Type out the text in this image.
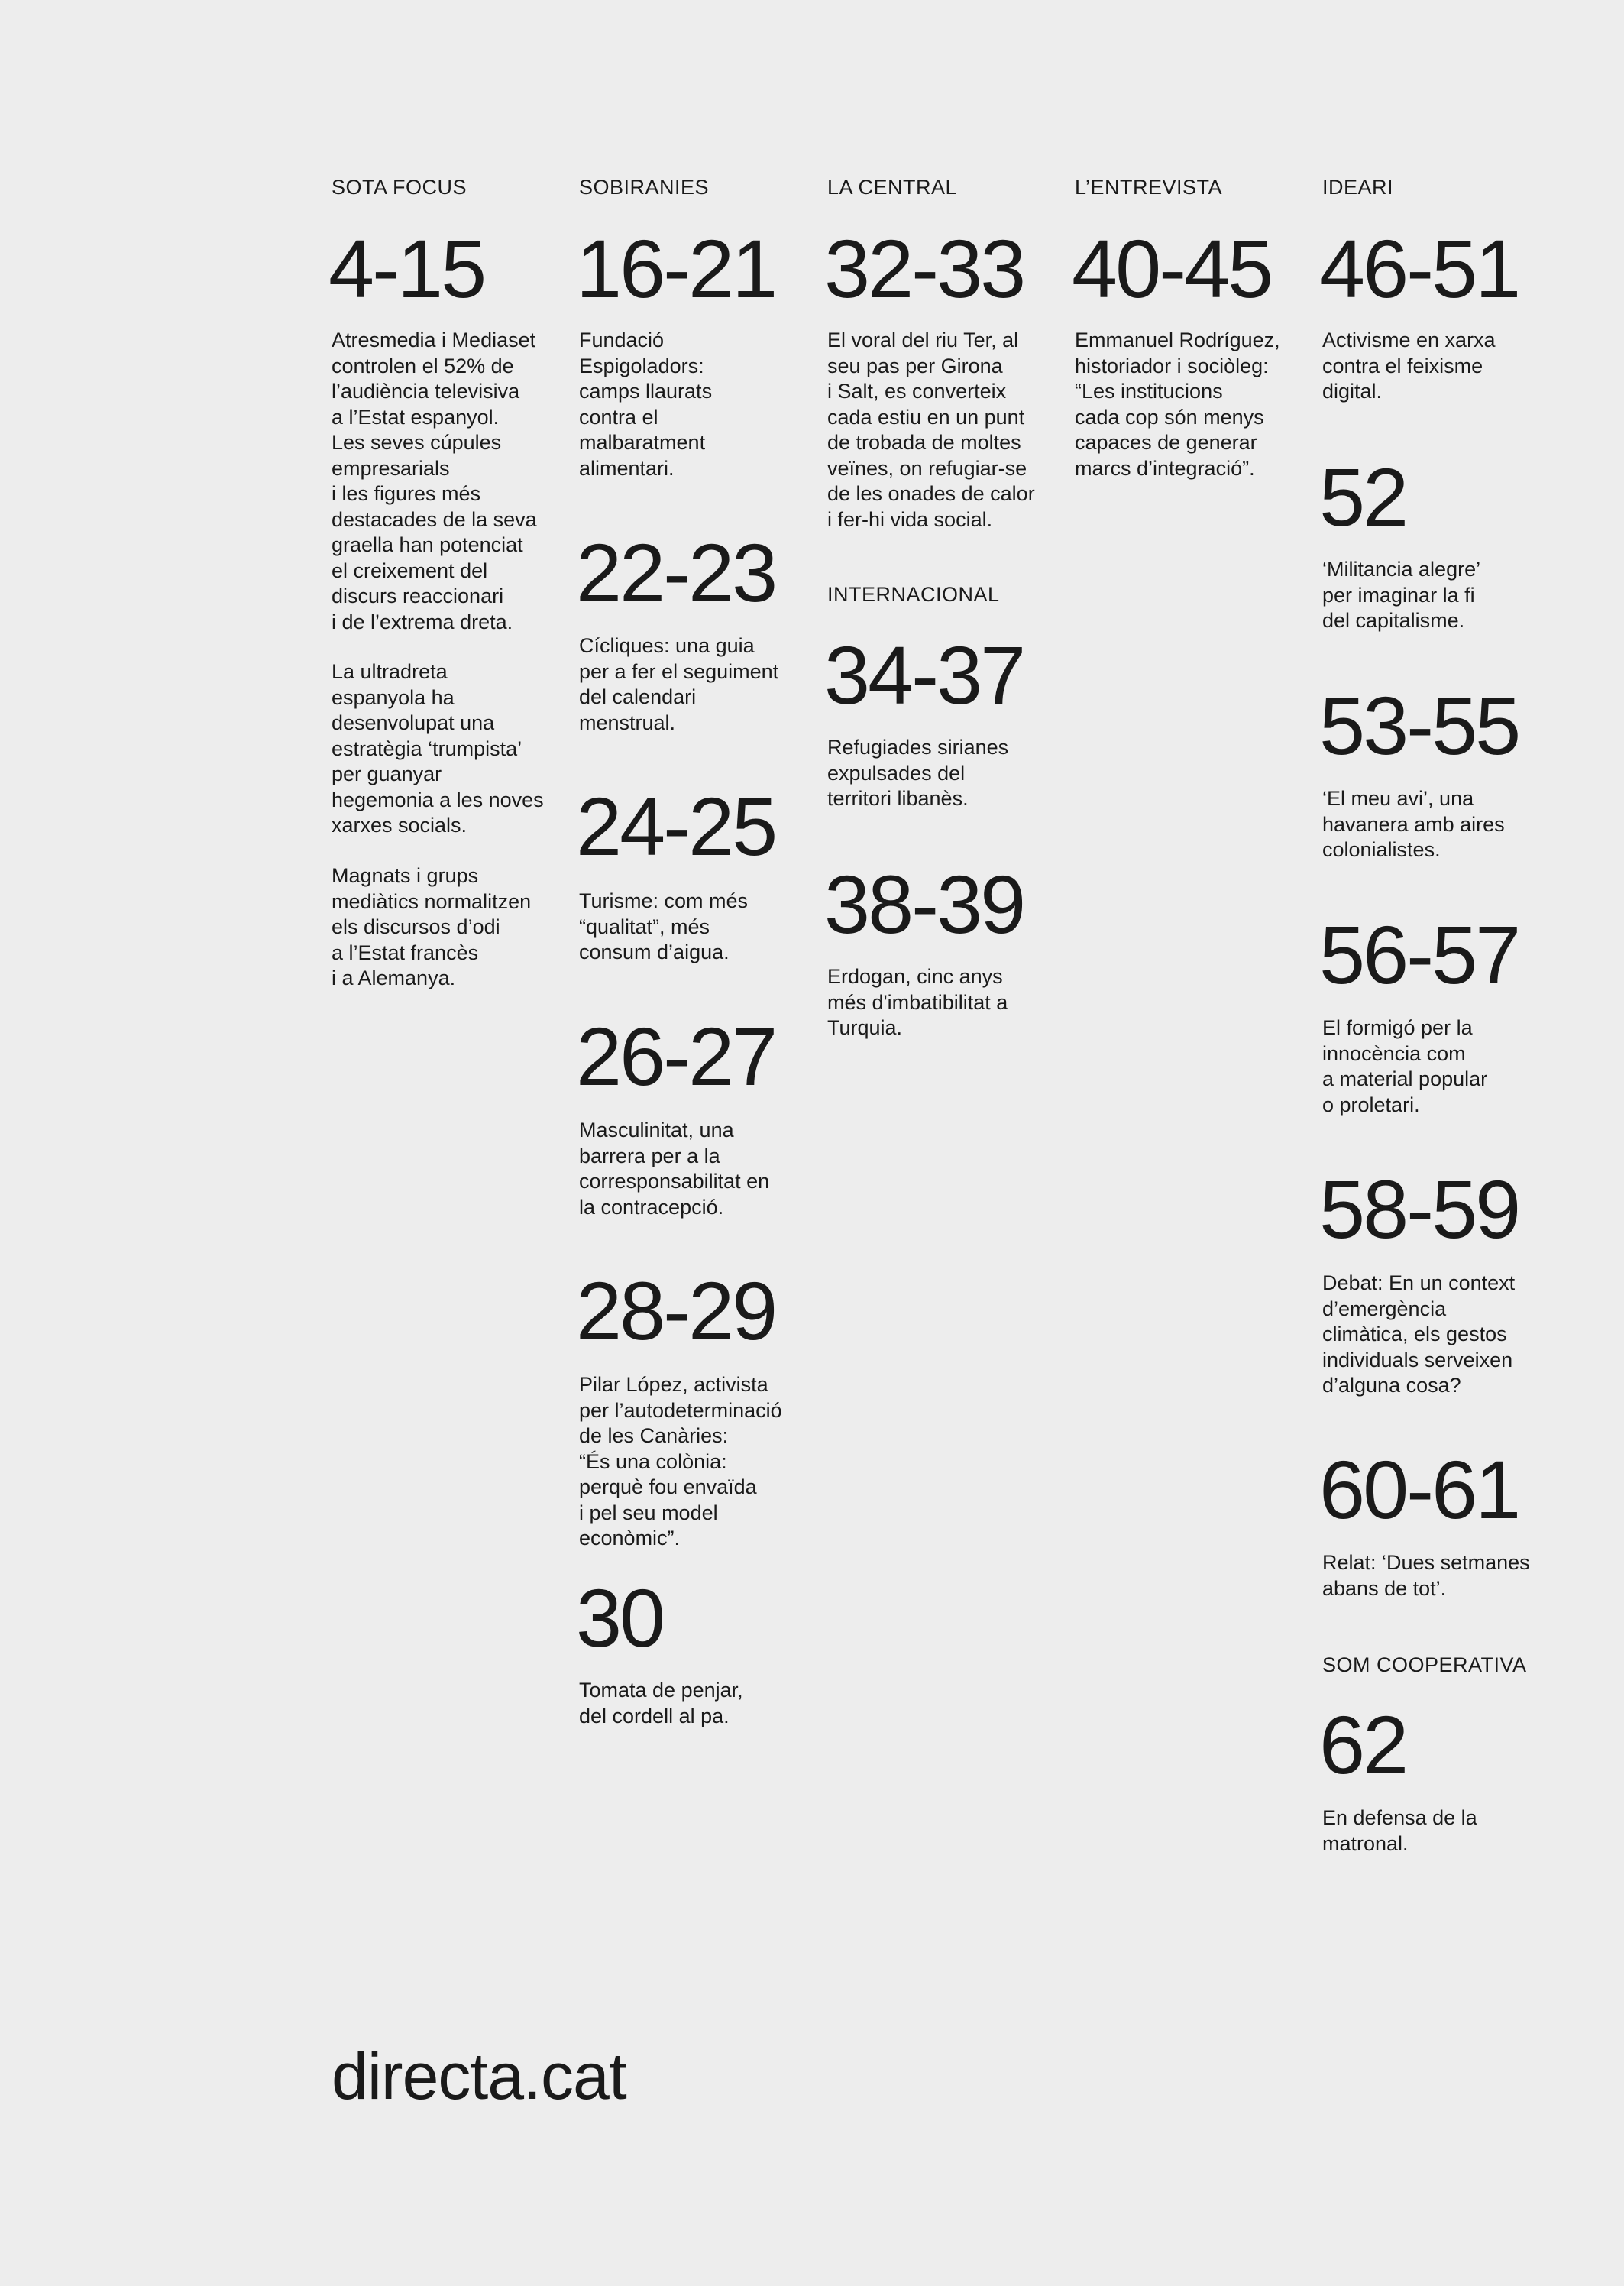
SOTA FOCUS
4-15
Atresmedia i Mediaset
controlen el 52% de
l’audiència televisiva
a l’Estat espanyol.
Les seves cúpules
empresarials
i les figures més
destacades de la seva
graella han potenciat
el creixement del
discurs reaccionari
i de l’extrema dreta.
La ultradreta
espanyola ha
desenvolupat una
estratègia ‘trumpista’
per guanyar
hegemonia a les noves
xarxes socials.
Magnats i grups
mediàtics normalitzen
els discursos d’odi
a l’Estat francès
i a Alemanya.
SOBIRANIES
16-21
Fundació
Espigoladors:
camps llaurats
contra el
malbaratment
alimentari.
22-23
Cícliques: una guia
per a fer el seguiment
del calendari
menstrual.
24-25
Turisme: com més
“qualitat”, més
consum d’aigua.
26-27
Masculinitat, una
barrera per a la
corresponsabilitat en
la contracepció.
28-29
Pilar López, activista
per l’autodeterminació
de les Canàries:
“És una colònia:
perquè fou envaïda
i pel seu model
econòmic”.
30
Tomata de penjar,
del cordell al pa.
LA CENTRAL
32-33
El voral del riu Ter, al
seu pas per Girona
i Salt, es converteix
cada estiu en un punt
de trobada de moltes
veïnes, on refugiar-se
de les onades de calor
i fer-hi vida social.
INTERNACIONAL
34-37
Refugiades sirianes
expulsades del
territori libanès.
38-39
Erdogan, cinc anys
més d'imbatibilitat a
Turquia.
L’ENTREVISTA
40-45
Emmanuel Rodríguez,
historiador i sociòleg:
“Les institucions
cada cop són menys
capaces de generar
marcs d’integració”.
IDEARI
46-51
Activisme en xarxa
contra el feixisme
digital.
52
‘Militancia alegre’
per imaginar la fi
del capitalisme.
53-55
‘El meu avi’, una
havanera amb aires
colonialistes.
56-57
El formigó per la
innocència com
a material popular
o proletari.
58-59
Debat: En un context
d’emergència
climàtica, els gestos
individuals serveixen
d’alguna cosa?
60-61
Relat: ‘Dues setmanes
abans de tot’.
SOM COOPERATIVA
62
En defensa de la
matronal.
directa.cat
